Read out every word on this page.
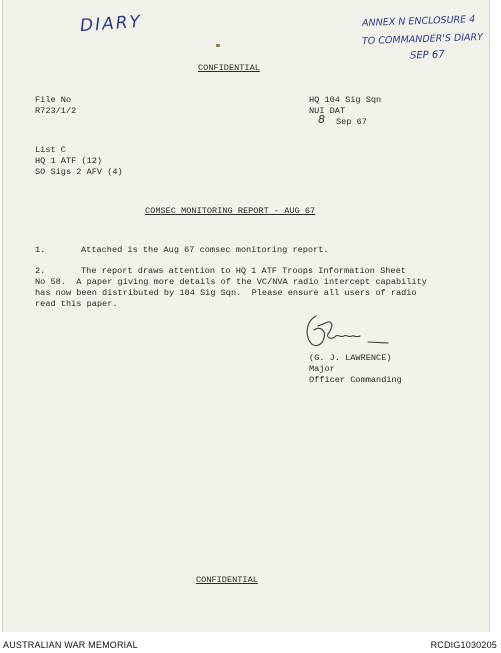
DIARY	ANNEX N ENCLOSURE 4
TO COMMANDER'S DIARY
SEP 67
CONFIDENTIAL
File No
R723/1/2
HQ 104 Sig Sqn
NUI DAT
8 Sep 67
List C
HQ 1 ATF (12)
SO Sigs 2 AFV (4)
COMSEC MONITORING REPORT - AUG 67
1.	Attached is the Aug 67 comsec monitoring report.
2.	The report draws attention to HQ 1 ATF Troops Information Sheet
No 58.  A paper giving more details of the VC/NVA radio intercept capability
has now been distributed by 104 Sig Sqn.  Please ensure all users of radio
read this paper.
(G. J. LAWRENCE)
Major
Officer Commanding
CONFIDENTIAL
AUSTRALIAN WAR MEMORIAL	RCDIG1030205
